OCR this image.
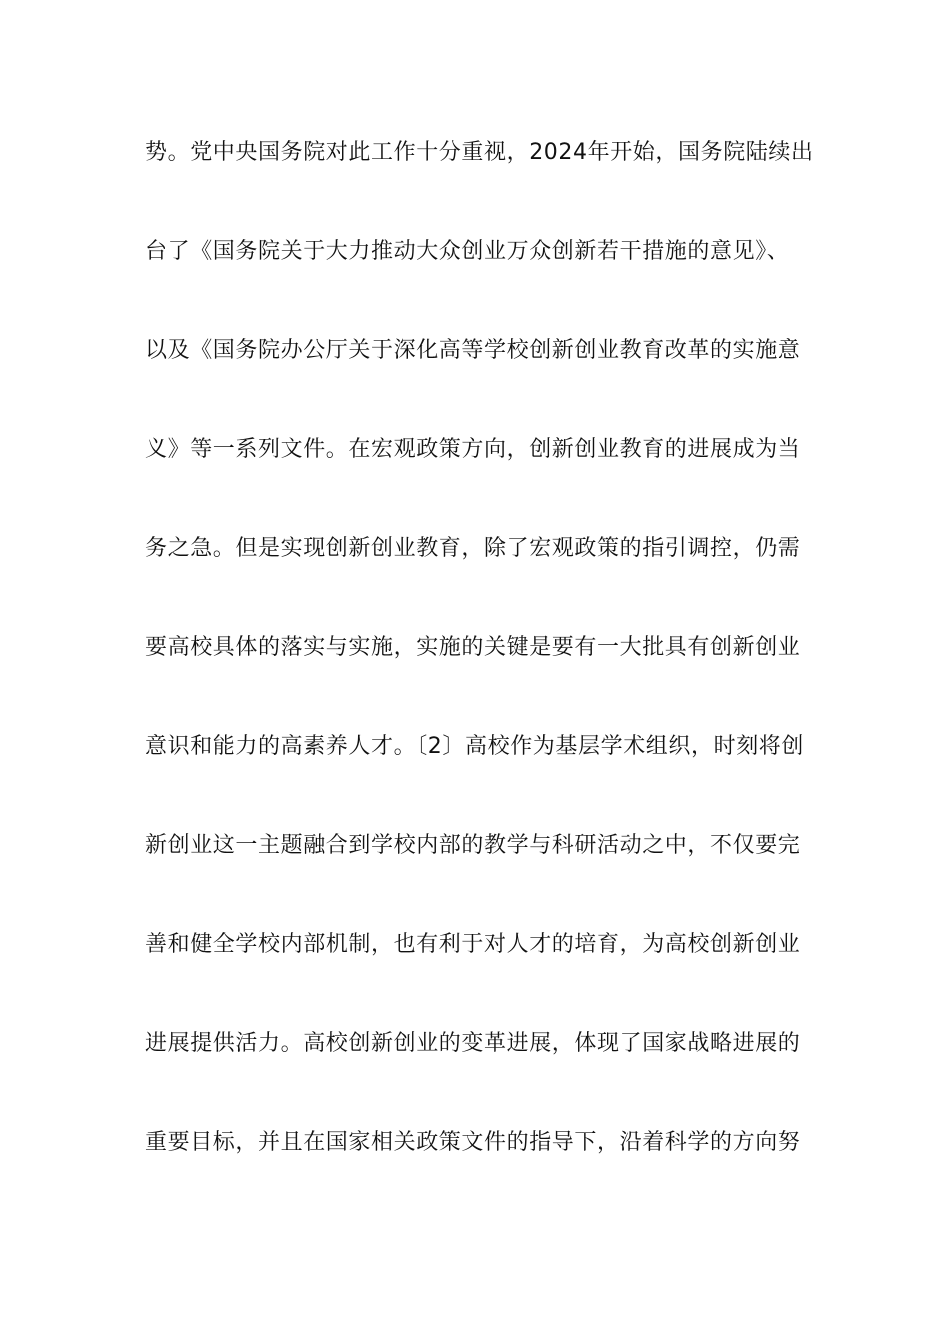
势。党中央国务院对此工作十分重视，2024年开始，国务院陆续出
台了《国务院关于大力推动大众创业万众创新若干措施的意见》、
以及《国务院办公厅关于深化高等学校创新创业教育改革的实施意
义》等一系列文件。在宏观政策方向，创新创业教育的进展成为当
务之急。但是实现创新创业教育，除了宏观政策的指引调控，仍需
要高校具体的落实与实施，实施的关键是要有一大批具有创新创业
意识和能力的高素养人才。〔2〕高校作为基层学术组织，时刻将创
新创业这一主题融合到学校内部的教学与科研活动之中，不仅要完
善和健全学校内部机制，也有利于对人才的培育，为高校创新创业
进展提供活力。高校创新创业的变革进展，体现了国家战略进展的
重要目标，并且在国家相关政策文件的指导下，沿着科学的方向努
